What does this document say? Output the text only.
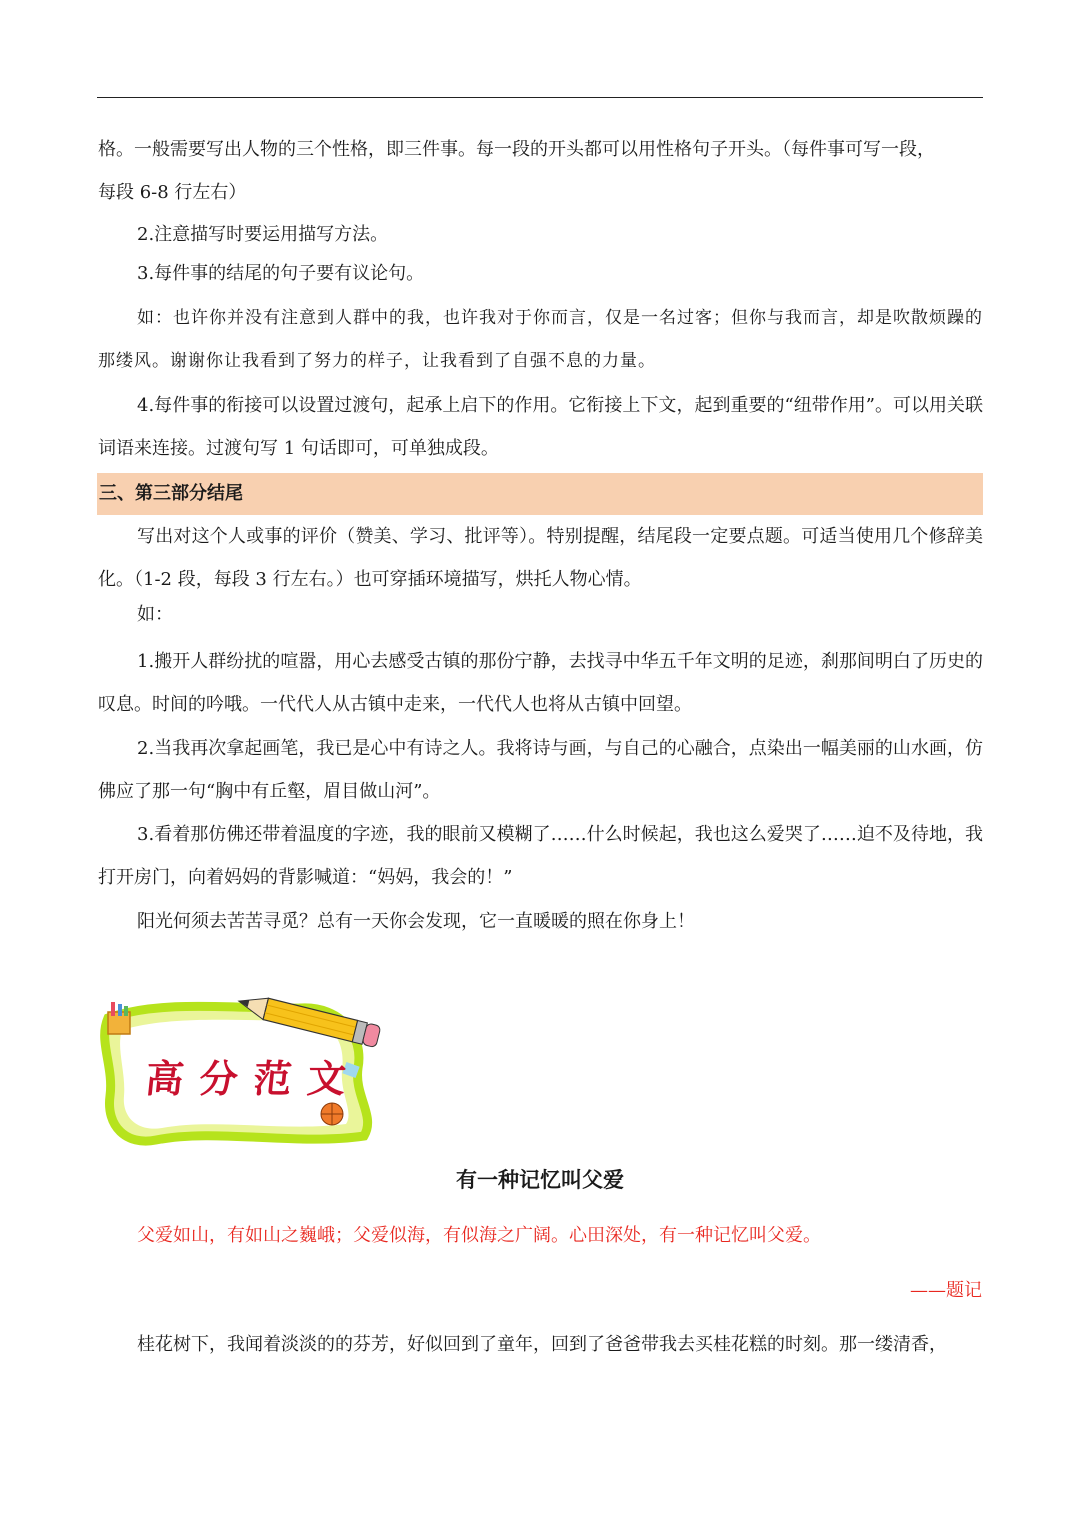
格。一般需要写出人物的三个性格，即三件事。每一段的开头都可以用性格句子开头。（每件事可写一段，
每段 6-8 行左右）

2.注意描写时要运用描写方法。

3.每件事的结尾的句子要有议论句。

如：也许你并没有注意到人群中的我，也许我对于你而言，仅是一名过客；但你与我而言，却是吹散烦躁的那缕风。谢谢你让我看到了努力的样子，让我看到了自强不息的力量。

4.每件事的衔接可以设置过渡句，起承上启下的作用。它衔接上下文，起到重要的“纽带作用”。可以用关联词语来连接。过渡句写 1 句话即可，可单独成段。

三、第三部分结尾

写出对这个人或事的评价（赞美、学习、批评等）。特别提醒，结尾段一定要点题。可适当使用几个修辞美化。（1-2 段，每段 3 行左右。）也可穿插环境描写，烘托人物心情。

如：

1.搬开人群纷扰的喧嚣，用心去感受古镇的那份宁静，去找寻中华五千年文明的足迹，刹那间明白了历史的叹息。时间的吟哦。一代代人从古镇中走来，一代代人也将从古镇中回望。

2.当我再次拿起画笔，我已是心中有诗之人。我将诗与画，与自己的心融合，点染出一幅美丽的山水画，仿佛应了那一句“胸中有丘壑，眉目做山河”。

3.看着那仿佛还带着温度的字迹，我的眼前又模糊了……什么时候起，我也这么爱哭了……迫不及待地，我打开房门，向着妈妈的背影喊道：“妈妈，我会的！”

阳光何须去苦苦寻觅？总有一天你会发现，它一直暖暖的照在你身上！

高分范文
有一种记忆叫父爱
父爱如山，有如山之巍峨；父爱似海，有似海之广阔。心田深处，有一种记忆叫父爱。
——题记

桂花树下，我闻着淡淡的的芬芳，好似回到了童年，回到了爸爸带我去买桂花糕的时刻。那一缕清香，
